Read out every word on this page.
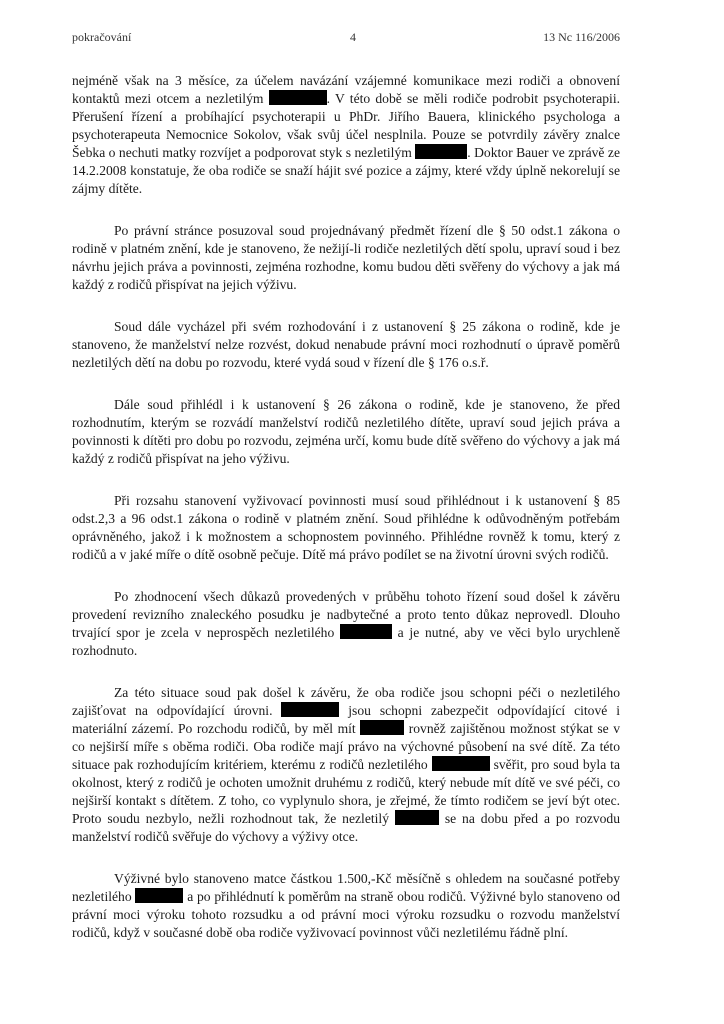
pokračování	4	13 Nc 116/2006

nejméně však na 3 měsíce, za účelem navázání vzájemné komunikace mezi rodiči a obnovení kontaktů mezi otcem a nezletilým	. V této době se měli rodiče podrobit psychoterapii. Přerušení řízení a probíhající psychoterapii u PhDr. Jiřího Bauera, klinického psychologa a psychoterapeuta Nemocnice Sokolov, však svůj účel nesplnila. Pouze se potvrdily závěry znalce Šebka o nechuti matky rozvíjet a podporovat styk s nezletilým	. Doktor Bauer ve zprávě ze 14.2.2008 konstatuje, že oba rodiče se snaží hájit své pozice a zájmy, které vždy úplně nekorelují se zájmy dítěte.

Po právní stránce posuzoval soud projednávaný předmět řízení dle § 50 odst.1 zákona o rodině v platném znění, kde je stanoveno, že nežijí-li rodiče nezletilých dětí spolu, upraví soud i bez návrhu jejich práva a povinnosti, zejména rozhodne, komu budou děti svěřeny do výchovy a jak má každý z rodičů přispívat na jejich výživu.

Soud dále vycházel při svém rozhodování i z ustanovení § 25 zákona o rodině, kde je stanoveno, že manželství nelze rozvést, dokud nenabude právní moci rozhodnutí o úpravě poměrů nezletilých dětí na dobu po rozvodu, které vydá soud v řízení dle § 176 o.s.ř.

Dále soud přihlédl i k ustanovení § 26 zákona o rodině, kde je stanoveno, že před rozhodnutím, kterým se rozvádí manželství rodičů nezletilého dítěte, upraví soud jejich práva a povinnosti k dítěti pro dobu po rozvodu, zejména určí, komu bude dítě svěřeno do výchovy a jak má každý z rodičů přispívat na jeho výživu.

Při rozsahu stanovení vyživovací povinnosti musí soud přihlédnout i k ustanovení § 85 odst.2,3 a 96 odst.1 zákona o rodině v platném znění. Soud přihlédne k odůvodněným potřebám oprávněného, jakož i k možnostem a schopnostem povinného. Přihlédne rovněž k tomu, který z rodičů a v jaké míře o dítě osobně pečuje. Dítě má právo podílet se na životní úrovni svých rodičů.

Po zhodnocení všech důkazů provedených v průběhu tohoto řízení soud došel k závěru provedení revizního znaleckého posudku je nadbytečné a proto tento důkaz neprovedl. Dlouho trvající spor je zcela v neprospěch nezletilého	a je nutné, aby ve věci bylo urychleně rozhodnuto.

Za této situace soud pak došel k závěru, že oba rodiče jsou schopni péči o nezletilého zajišťovat na odpovídající úrovni.	jsou schopni zabezpečit odpovídající citové i materiální zázemí. Po rozchodu rodičů, by měl mít	rovněž zajištěnou možnost stýkat se v co nejširší míře s oběma rodiči. Oba rodiče mají právo na výchovné působení na své dítě. Za této situace pak rozhodujícím kritériem, kterému z rodičů nezletilého	svěřit, pro soud byla ta okolnost, který z rodičů je ochoten umožnit druhému z rodičů, který nebude mít dítě ve své péči, co nejširší kontakt s dítětem. Z toho, co vyplynulo shora, je zřejmé, že tímto rodičem se jeví být otec. Proto soudu nezbylo, nežli rozhodnout tak, že nezletilý	se na dobu před a po rozvodu manželství rodičů svěřuje do výchovy a výživy otce.

Výživné bylo stanoveno matce částkou 1.500,-Kč měsíčně s ohledem na současné potřeby nezletilého	a po přihlédnutí k poměrům na straně obou rodičů. Výživné bylo stanoveno od právní moci výroku tohoto rozsudku a od právní moci výroku rozsudku o rozvodu manželství rodičů, když v současné době oba rodiče vyživovací povinnost vůči nezletilému řádně plní.
